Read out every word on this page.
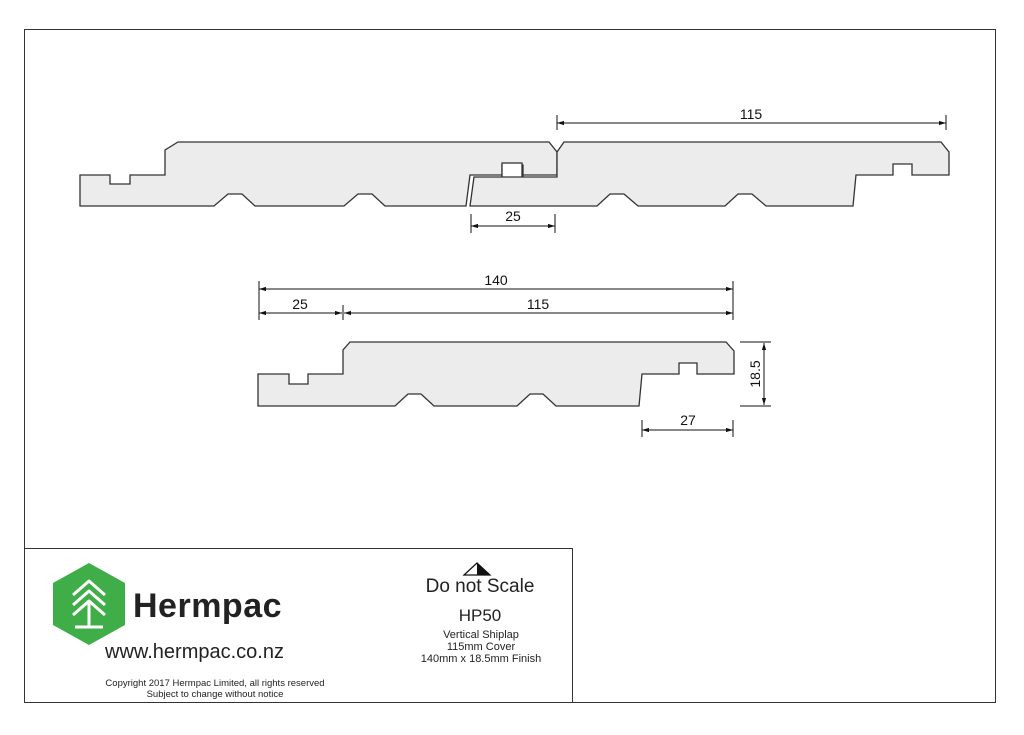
115
25
140
25	115
18.5
27
Hermpac
www.hermpac.co.nz
Copyright 2017 Hermpac Limited, all rights reserved
Subject to change without notice
Do not Scale
HP50
Vertical Shiplap
115mm Cover
140mm x 18.5mm Finish
